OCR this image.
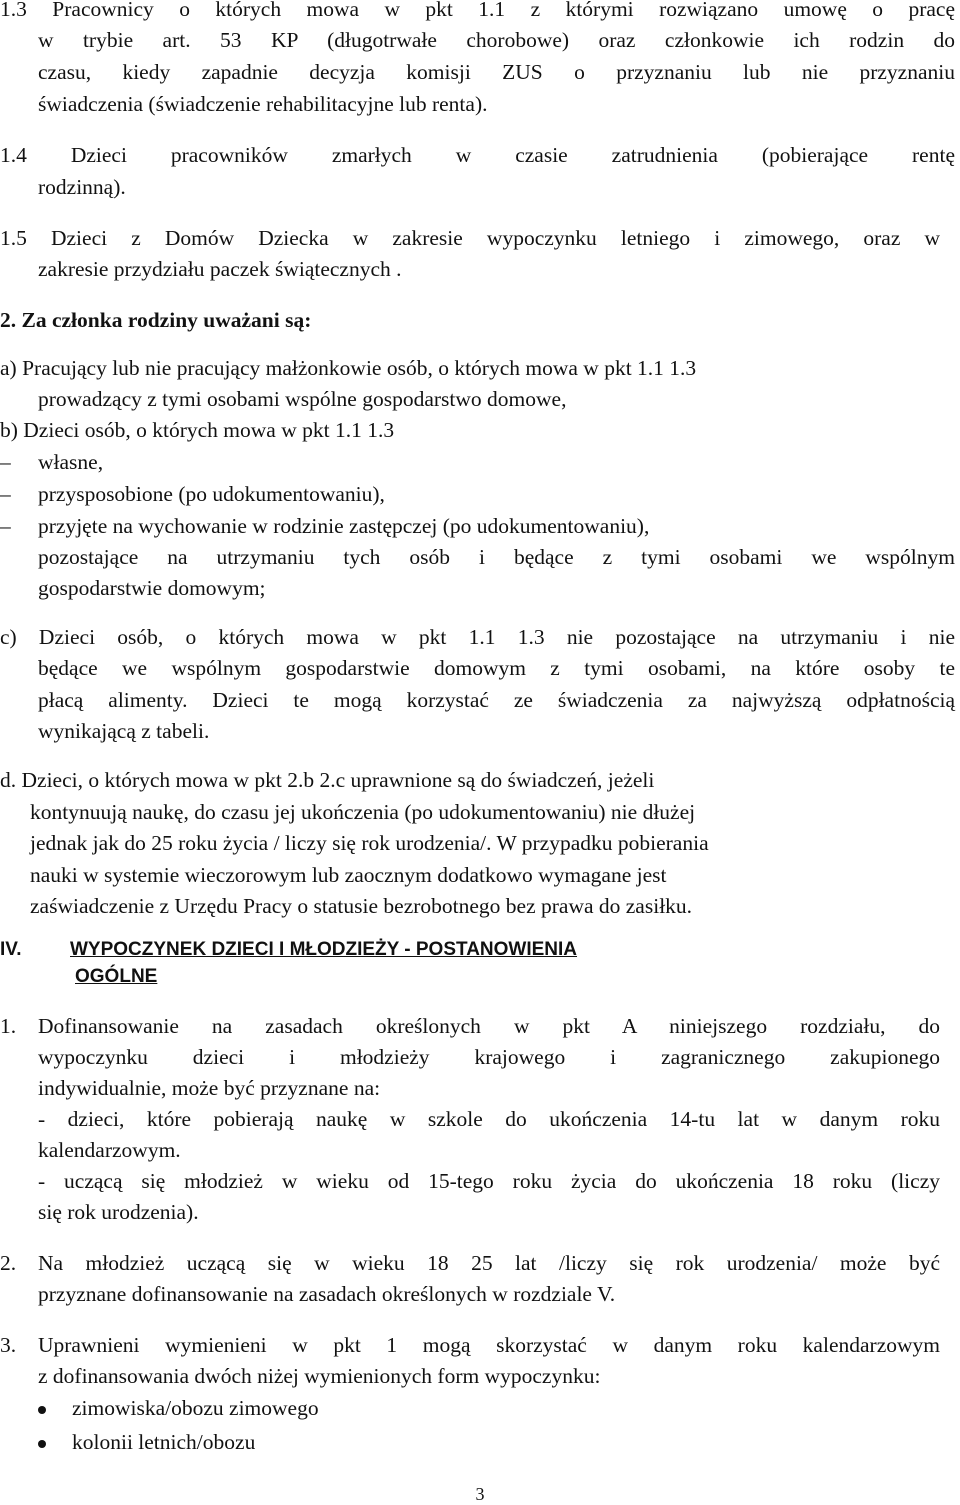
1.3 Pracownicy o których mowa w pkt 1.1 z którymi rozwiązano umowę o pracę
w trybie art. 53 KP (długotrwałe chorobowe) oraz członkowie ich rodzin do
czasu, kiedy zapadnie decyzja komisji ZUS o przyznaniu lub nie przyznaniu
świadczenia (świadczenie rehabilitacyjne lub renta).
1.4 Dzieci pracowników zmarłych w czasie zatrudnienia (pobierające rentę
rodzinną).
1.5 Dzieci z Domów Dziecka w zakresie wypoczynku letniego i zimowego, oraz w
zakresie przydziału paczek świątecznych .
2. Za członka rodziny uważani są:
a) Pracujący lub nie pracujący małżonkowie osób, o których mowa w pkt 1.1 1.3
prowadzący z tymi osobami wspólne gospodarstwo domowe,
b) Dzieci osób, o których mowa w pkt 1.1 1.3
– własne,
– przysposobione (po udokumentowaniu),
– przyjęte na wychowanie w rodzinie zastępczej (po udokumentowaniu),
pozostające na utrzymaniu tych osób i będące z tymi osobami we wspólnym
gospodarstwie domowym;
c) Dzieci osób, o których mowa w pkt 1.1 1.3 nie pozostające na utrzymaniu i nie
będące we wspólnym gospodarstwie domowym z tymi osobami, na które osoby te
płacą alimenty. Dzieci te mogą korzystać ze świadczenia za najwyższą odpłatnością
wynikającą z tabeli.
d. Dzieci, o których mowa w pkt 2.b 2.c uprawnione są do świadczeń, jeżeli
kontynuują naukę, do czasu jej ukończenia (po udokumentowaniu) nie dłużej
jednak jak do 25 roku życia / liczy się rok urodzenia/. W przypadku pobierania
nauki w systemie wieczorowym lub zaocznym dodatkowo wymagane jest
zaświadczenie z Urzędu Pracy o statusie bezrobotnego bez prawa do zasiłku.
IV.	WYPOCZYNEK DZIECI I MŁODZIEŻY - POSTANOWIENIA
OGÓLNE
1. Dofinansowanie na zasadach określonych w pkt A niniejszego rozdziału, do
wypoczynku dzieci i młodzieży krajowego i zagranicznego zakupionego
indywidualnie, może być przyznane na:
- dzieci, które pobierają naukę w szkole do ukończenia 14-tu lat w danym roku
kalendarzowym.
- uczącą się młodzież w wieku od 15-tego roku życia do ukończenia 18 roku (liczy
się rok urodzenia).
2. Na młodzież uczącą się w wieku 18 25 lat /liczy się rok urodzenia/ może być
przyznane dofinansowanie na zasadach określonych w rozdziale V.
3. Uprawnieni wymienieni w pkt 1 mogą skorzystać w danym roku kalendarzowym
z dofinansowania dwóch niżej wymienionych form wypoczynku:
zimowiska/obozu zimowego
kolonii letnich/obozu
3
